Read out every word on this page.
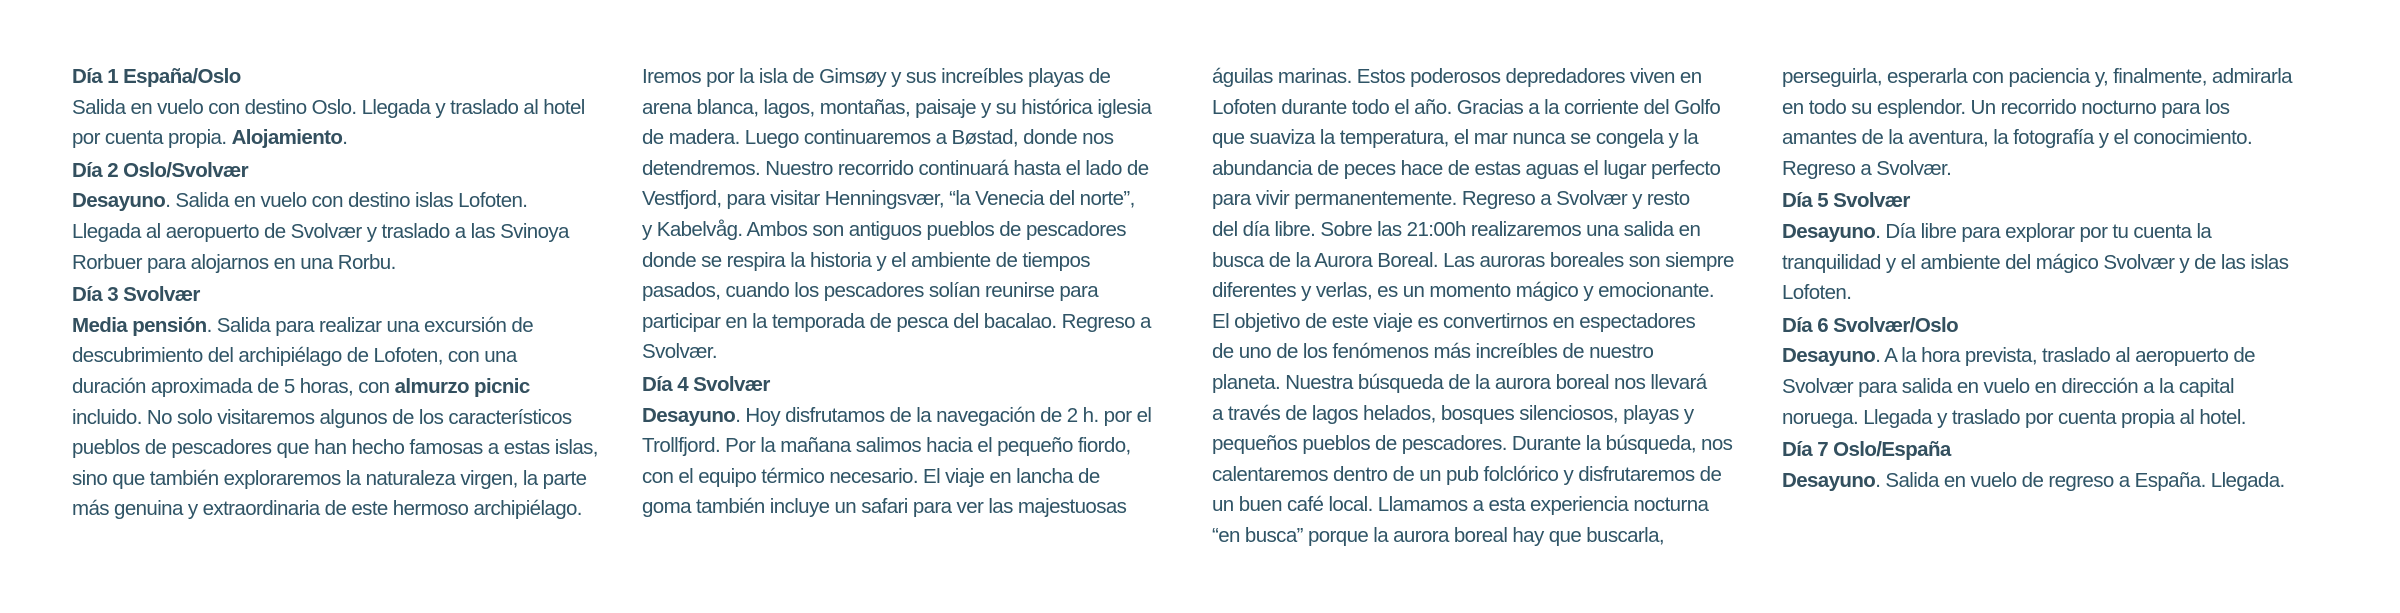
Día 1 España/Oslo
Salida en vuelo con destino Oslo. Llegada y traslado al hotel
por cuenta propia. Alojamiento.
Día 2 Oslo/Svolvær
Desayuno. Salida en vuelo con destino islas Lofoten.
Llegada al aeropuerto de Svolvær y traslado a las Svinoya
Rorbuer para alojarnos en una Rorbu.
Día 3 Svolvær
Media pensión. Salida para realizar una excursión de
descubrimiento del archipiélago de Lofoten, con una
duración aproximada de 5 horas, con almurzo picnic
incluido. No solo visitaremos algunos de los característicos
pueblos de pescadores que han hecho famosas a estas islas,
sino que también exploraremos la naturaleza virgen, la parte
más genuina y extraordinaria de este hermoso archipiélago.
Iremos por la isla de Gimsøy y sus increíbles playas de
arena blanca, lagos, montañas, paisaje y su histórica iglesia
de madera. Luego continuaremos a Bøstad, donde nos
detendremos. Nuestro recorrido continuará hasta el lado de
Vestfjord, para visitar Henningsvær, “la Venecia del norte”,
y Kabelvåg. Ambos son antiguos pueblos de pescadores
donde se respira la historia y el ambiente de tiempos
pasados, cuando los pescadores solían reunirse para
participar en la temporada de pesca del bacalao. Regreso a
Svolvær.
Día 4 Svolvær
Desayuno. Hoy disfrutamos de la navegación de 2 h. por el
Trollfjord. Por la mañana salimos hacia el pequeño fiordo,
con el equipo térmico necesario. El viaje en lancha de
goma también incluye un safari para ver las majestuosas
águilas marinas. Estos poderosos depredadores viven en
Lofoten durante todo el año. Gracias a la corriente del Golfo
que suaviza la temperatura, el mar nunca se congela y la
abundancia de peces hace de estas aguas el lugar perfecto
para vivir permanentemente. Regreso a Svolvær y resto
del día libre. Sobre las 21:00h realizaremos una salida en
busca de la Aurora Boreal. Las auroras boreales son siempre
diferentes y verlas, es un momento mágico y emocionante.
El objetivo de este viaje es convertirnos en espectadores
de uno de los fenómenos más increíbles de nuestro
planeta. Nuestra búsqueda de la aurora boreal nos llevará
a través de lagos helados, bosques silenciosos, playas y
pequeños pueblos de pescadores. Durante la búsqueda, nos
calentaremos dentro de un pub folclórico y disfrutaremos de
un buen café local. Llamamos a esta experiencia nocturna
“en busca” porque la aurora boreal hay que buscarla,
perseguirla, esperarla con paciencia y, finalmente, admirarla
en todo su esplendor. Un recorrido nocturno para los
amantes de la aventura, la fotografía y el conocimiento.
Regreso a Svolvær.
Día 5 Svolvær
Desayuno. Día libre para explorar por tu cuenta la
tranquilidad y el ambiente del mágico Svolvær y de las islas
Lofoten.
Día 6 Svolvær/Oslo
Desayuno. A la hora prevista, traslado al aeropuerto de
Svolvær para salida en vuelo en dirección a la capital
noruega. Llegada y traslado por cuenta propia al hotel.
Día 7 Oslo/España
Desayuno. Salida en vuelo de regreso a España. Llegada.
